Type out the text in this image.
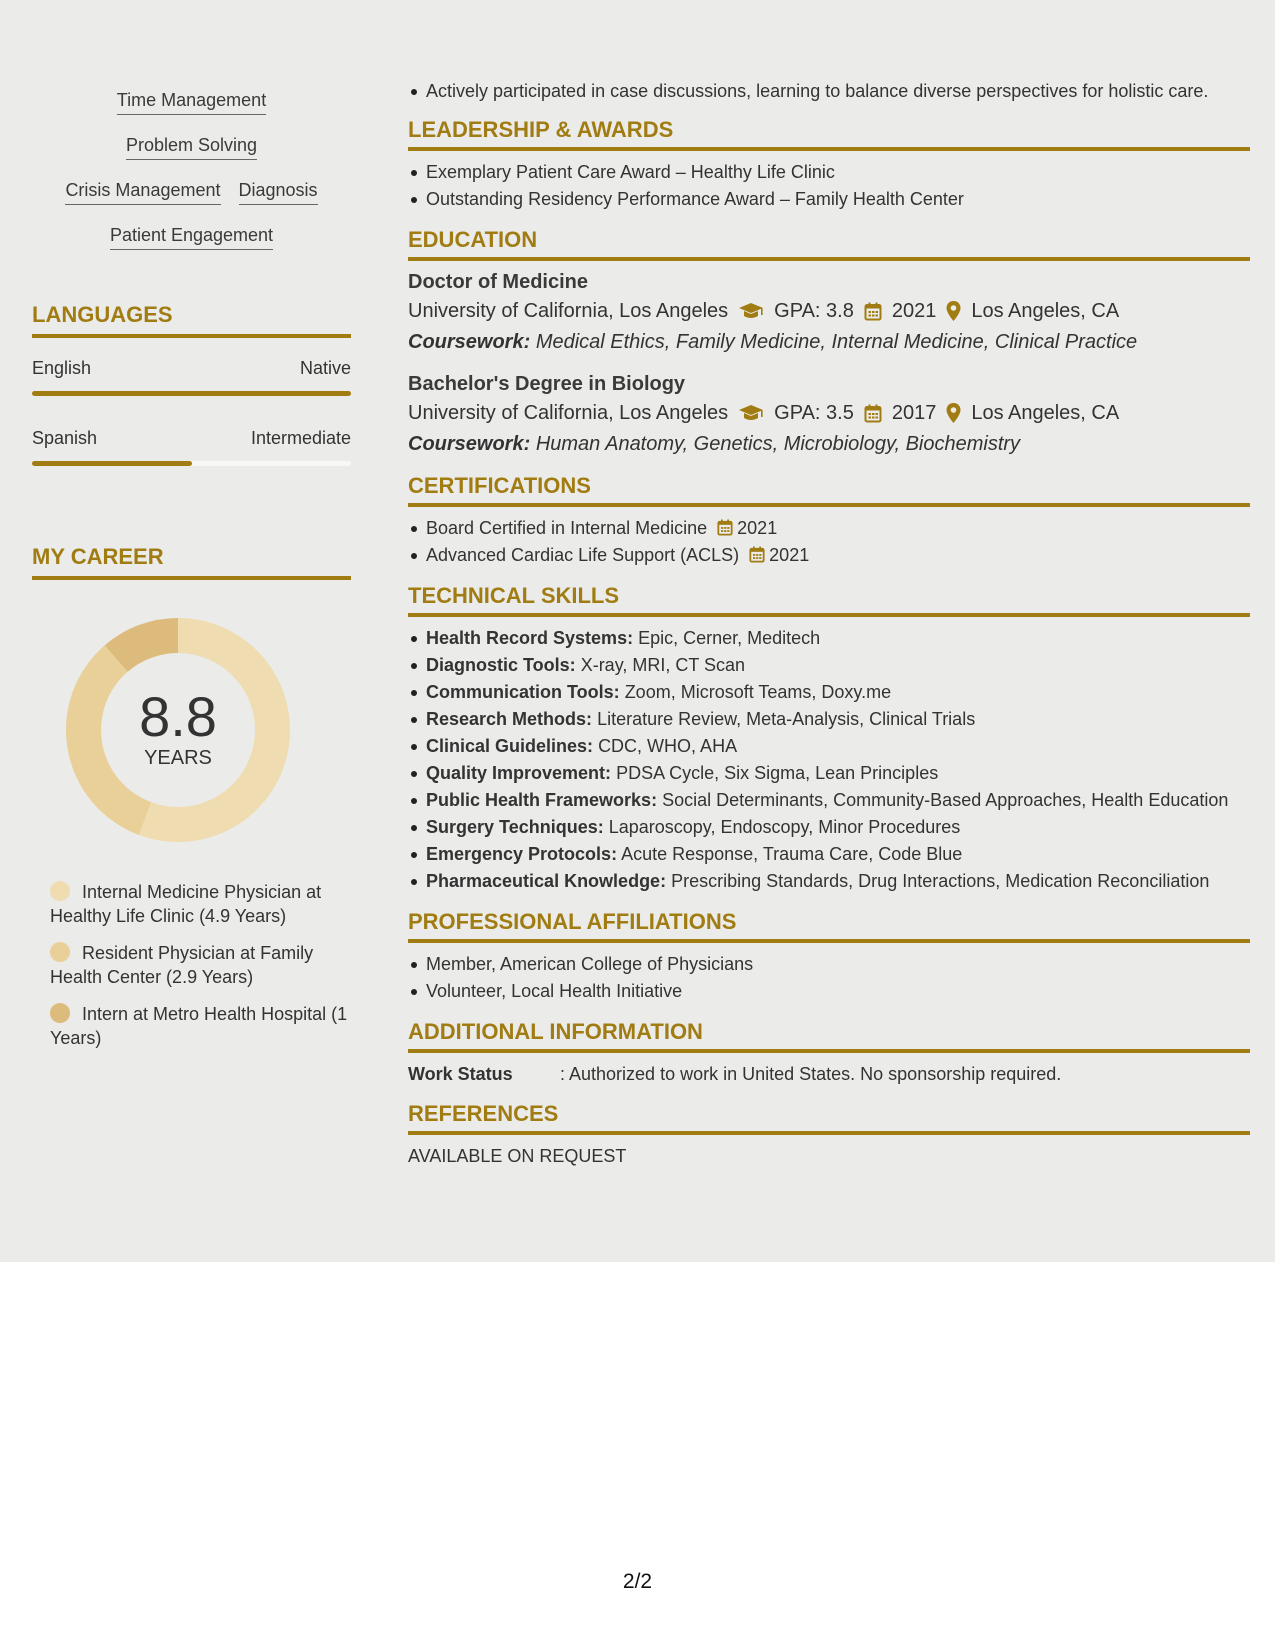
Time Management
Problem Solving
Crisis Management Diagnosis
Patient Engagement
LANGUAGES
English	Native
Spanish	Intermediate
MY CAREER
8.8
YEARS
Internal Medicine Physician at Healthy Life Clinic (4.9 Years)
Resident Physician at Family Health Center (2.9 Years)
Intern at Metro Health Hospital (1 Years)
Actively participated in case discussions, learning to balance diverse perspectives for holistic care.
LEADERSHIP & AWARDS
Exemplary Patient Care Award – Healthy Life Clinic
Outstanding Residency Performance Award – Family Health Center
EDUCATION
Doctor of Medicine
University of California, Los Angeles GPA: 3.8 2021 Los Angeles, CA
Coursework: Medical Ethics, Family Medicine, Internal Medicine, Clinical Practice
Bachelor's Degree in Biology
University of California, Los Angeles GPA: 3.5 2017 Los Angeles, CA
Coursework: Human Anatomy, Genetics, Microbiology, Biochemistry
CERTIFICATIONS
Board Certified in Internal Medicine 2021
Advanced Cardiac Life Support (ACLS) 2021
TECHNICAL SKILLS
Health Record Systems: Epic, Cerner, Meditech
Diagnostic Tools: X-ray, MRI, CT Scan
Communication Tools: Zoom, Microsoft Teams, Doxy.me
Research Methods: Literature Review, Meta-Analysis, Clinical Trials
Clinical Guidelines: CDC, WHO, AHA
Quality Improvement: PDSA Cycle, Six Sigma, Lean Principles
Public Health Frameworks: Social Determinants, Community-Based Approaches, Health Education
Surgery Techniques: Laparoscopy, Endoscopy, Minor Procedures
Emergency Protocols: Acute Response, Trauma Care, Code Blue
Pharmaceutical Knowledge: Prescribing Standards, Drug Interactions, Medication Reconciliation
PROFESSIONAL AFFILIATIONS
Member, American College of Physicians
Volunteer, Local Health Initiative
ADDITIONAL INFORMATION
Work Status	: Authorized to work in United States. No sponsorship required.
REFERENCES
AVAILABLE ON REQUEST
2/2
